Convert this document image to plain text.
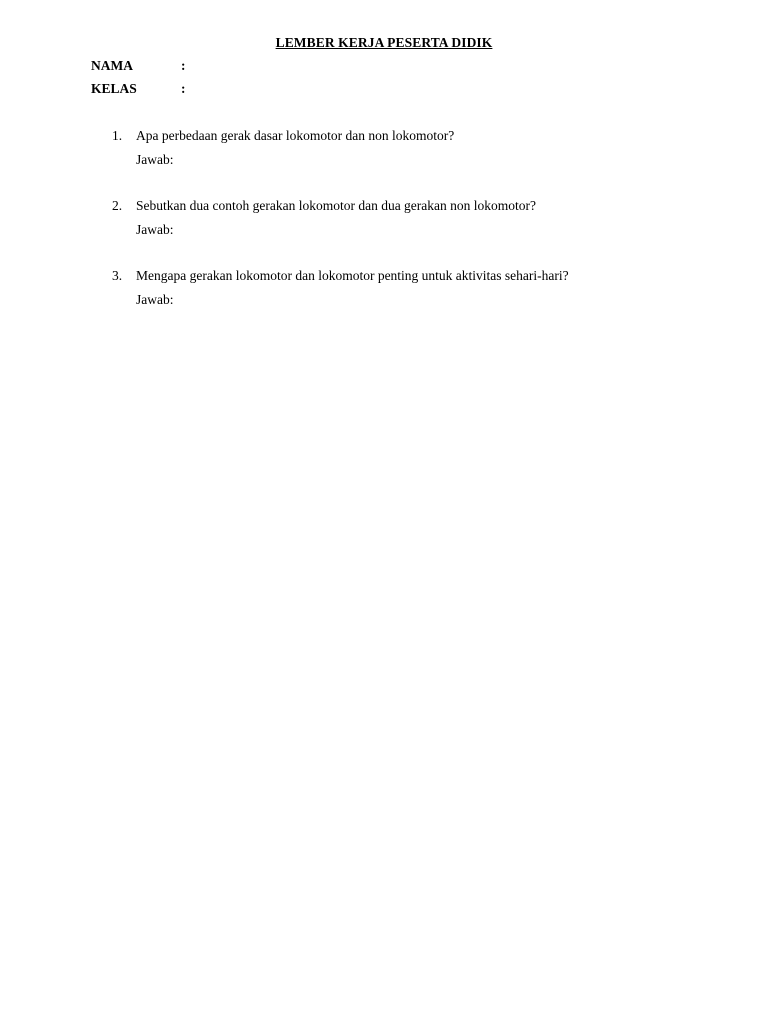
LEMBER KERJA PESERTA DIDIK
NAMA	:
KELAS	:
1. Apa perbedaan gerak dasar lokomotor dan non lokomotor?
Jawab:
2. Sebutkan dua contoh gerakan lokomotor dan dua gerakan non lokomotor?
Jawab:
3. Mengapa gerakan lokomotor dan lokomotor penting untuk aktivitas sehari-hari?
Jawab:
